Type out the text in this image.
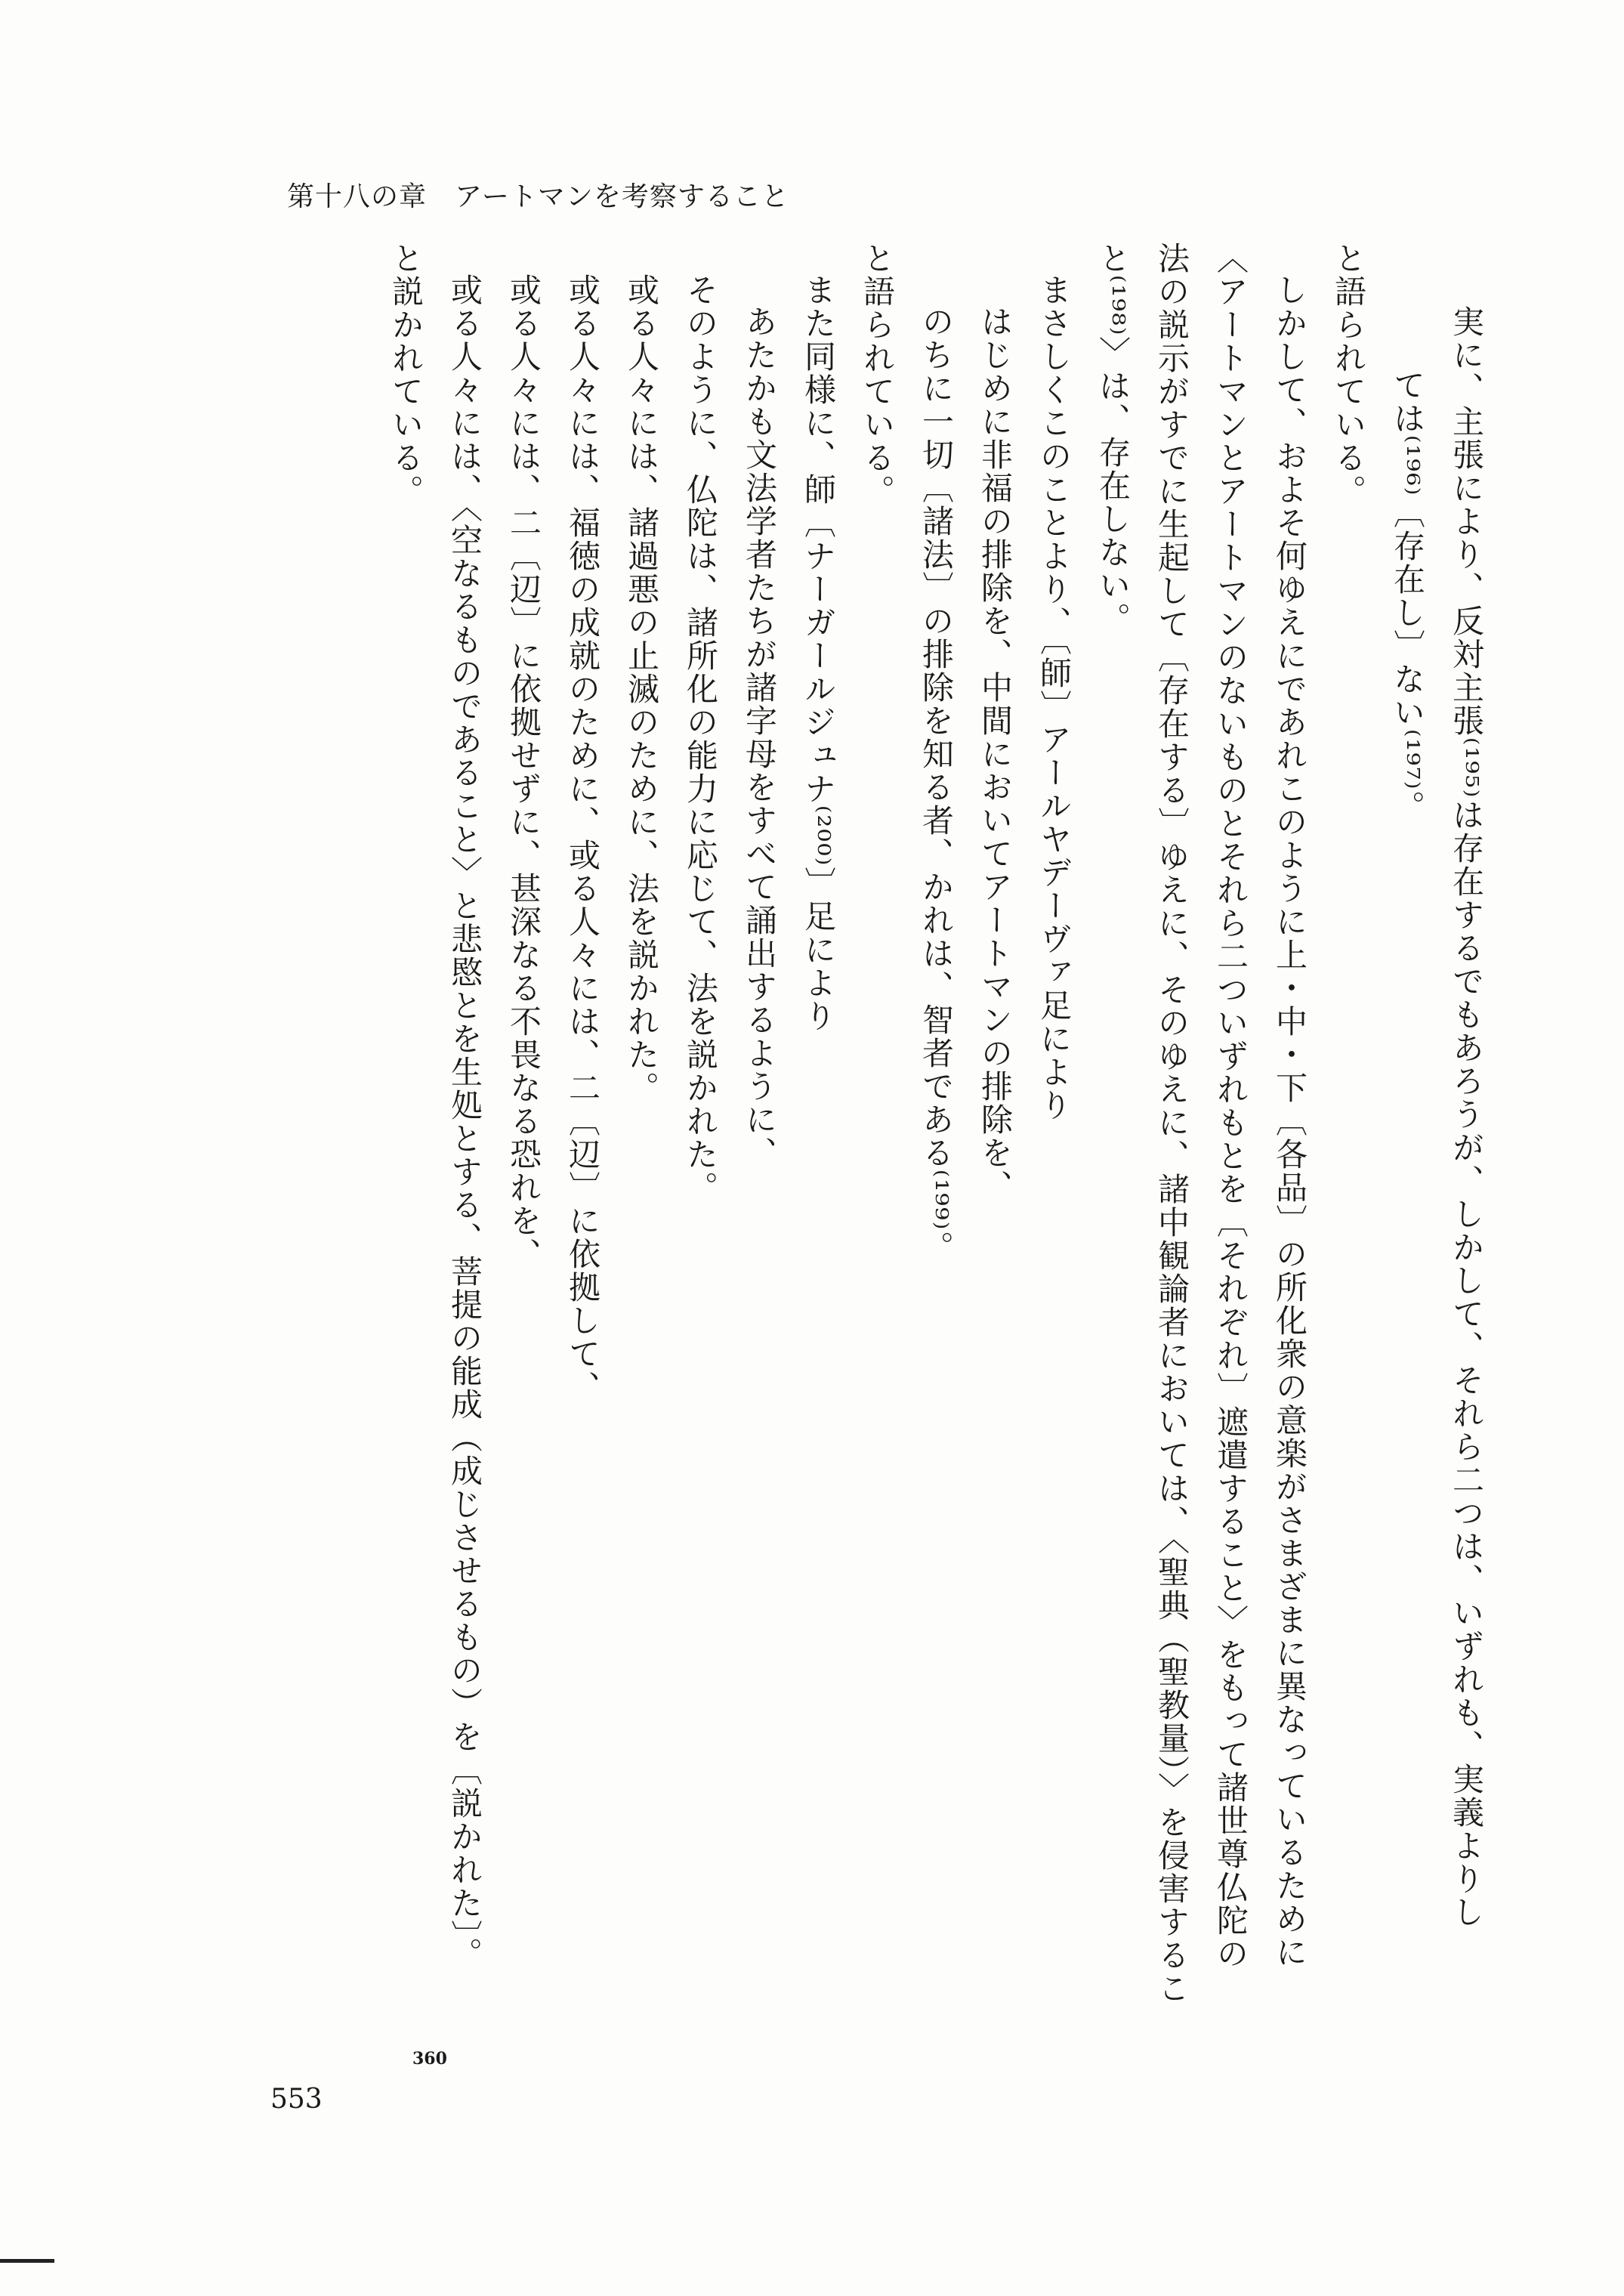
第十八の章　アートマンを考察すること
実に、主張により、反対主張⁽¹⁹⁵⁾は存在するでもあろうが、しかして、それら二つは、いずれも、実義よりし
ては⁽¹⁹⁶⁾〔存在し〕ない⁽¹⁹⁷⁾。
と語られている。
しかして、およそ何ゆえにであれこのように上・中・下〔各品〕の所化衆の意楽がさまざまに異なっているために
〈アートマンとアートマンのないものとそれら二ついずれもとを〔それぞれ〕遮遣すること〉をもって諸世尊仏陀の
法の説示がすでに生起して〔存在する〕ゆえに、そのゆえに、諸中観論者においては、〈聖典（聖教量）〉を侵害するこ
と⁽¹⁹⁸⁾〉は、存在しない。
まさしくこのことより、〔師〕アールヤデーヴァ足により
はじめに非福の排除を、中間においてアートマンの排除を、
のちに一切〔諸法〕の排除を知る者、かれは、智者である⁽¹⁹⁹⁾。
と語られている。
また同様に、師〔ナーガールジュナ⁽²⁰⁰⁾〕足により
あたかも文法学者たちが諸字母をすべて誦出するように、
そのように、仏陀は、諸所化の能力に応じて、法を説かれた。
或る人々には、諸過悪の止滅のために、法を説かれた。
或る人々には、福徳の成就のために、或る人々には、二〔辺〕に依拠して、
或る人々には、二〔辺〕に依拠せずに、甚深なる不畏なる恐れを、
或る人々には、〈空なるものであること〉と悲愍とを生処とする、菩提の能成（成じさせるもの）を〔説かれた〕。
と説かれている。
360
553
